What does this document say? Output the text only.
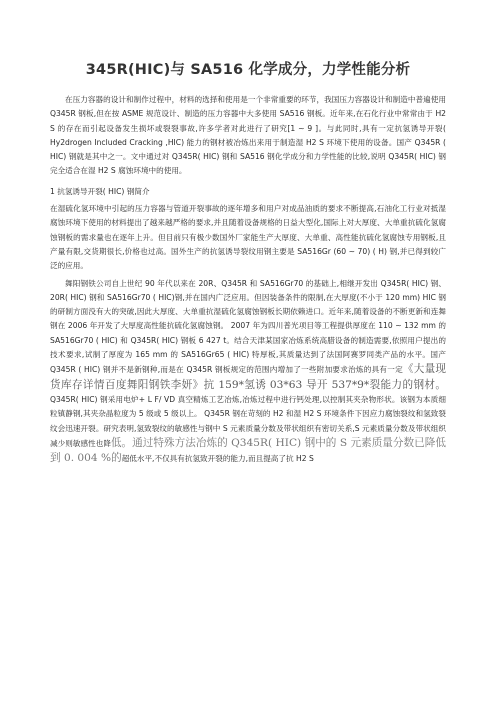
345R(HIC)与 SA516 化学成分，力学性能分析

在压力容器的设计和制作过程中，材料的选择和使用是一个非常重要的环节，我国压力容器设计和制造中普遍使用 Q345R 钢板,但在按 ASME 规范设计、制造的压力容器中大多使用 SA516 钢板。近年来,在石化行业中常常由于 H2 S 的存在而引起设备发生损坏或裂裂事故,许多学者对此进行了研究[1 ~ 9 ]。与此同时,具有一定抗氢诱导开裂( Hy2drogen Included Cracking ,HIC) 能力的钢材被冶炼出来用于制造湿 H2 S 环境下使用的设备。国产 Q345R ( HIC) 钢就是其中之一。文中通过对 Q345R( HIC) 钢和 SA516 钢化学成分和力学性能的比较,说明 Q345R( HIC) 钢完全适合在湿 H2 S 腐蚀环境中的使用。

1 抗氢诱导开裂( HIC) 钢简介

在湿硫化氢环境中引起的压力容器与管道开裂事故的逐年增多和用户对成品油质的要求不断提高,石油化工行业对抵湿腐蚀环境下使用的材料提出了越来越严格的要求,并且随着设备规格的日益大型化,国际上对大厚度、大单重抗硫化氢腐蚀钢板的需求量也在逐年上升。但目前只有极少数国外厂家能生产大厚度、大单重、高性能抗硫化氢腐蚀专用钢板,且产量有限,交货期很长,价格也过高。国外生产的抗氢诱导裂纹用钢主要是 SA516Gr (60 ~ 70) ( H) 钢,并已得到较广泛的应用。

舞阳钢铁公司自上世纪 90 年代以来在 20R、Q345R 和 SA516Gr70 的基础上,相继开发出 Q345R( HIC) 钢、20R( HIC) 钢和 SA516Gr70 ( HIC)钢,并在国内广泛应用。但因装备条件的限制,在大厚度(不小于 120 mm) HIC 钢的研制方面没有大的突破,因此大厚度、大单重抗湿硫化氢腐蚀钢板长期依赖进口。近年来,随着设备的不断更新和连舞钢在 2006 年开发了大厚度高性能抗硫化氢腐蚀钢。 2007 年为四川普光项目等工程提供厚度在 110 ~ 132 mm 的 SA516Gr70 ( HIC) 和 Q345R( HIC) 钢板 6 427 t。结合天津某国家冶炼系统高腊设备的制造需要,依照用户提出的技术要求,试制了厚度为 165 mm 的 SA516Gr65 ( HIC) 特厚板,其质量达到了法国阿赛罗同类产品的水平。国产 Q345R ( HIC) 钢并不是新钢种,而是在 Q345R 钢板规定的范围内增加了一些附加要求治炼的具有一定《大量现货库存详情百度舞阳钢铁李妍》抗 159*氢诱 03*63 导开 537*9*裂能力的钢材。Q345R( HIC) 钢采用电炉+ L F/ VD 真空精炼工艺冶炼,冶炼过程中进行钙处理,以控制其夹杂物形状。该钢为本质细粒镇静钢,其夹杂晶粒度为 5 级或 5 级以上。 Q345R 钢在苛刻的 H2 和湿 H2 S 环境条件下因应力腐蚀裂纹和氢致裂纹会迅速开裂。研究表明,氢致裂纹的敏感性与钢中 S 元素质量分数及带状组织有密切关系,S 元素质量分数及带状组织减少则敏感性也降低。通过特殊方法冶炼的 Q345R( HIC) 钢中的 S 元素质量分数已降低到 0. 004 %的超低水平,不仅具有抗氢致开裂的能力,而且提高了抗 H2 S
